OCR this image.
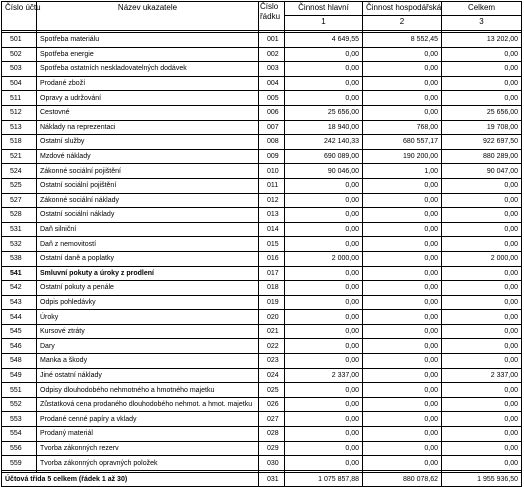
Číslo účtu	Název ukazatele	Číslo řádku	Činnost hlavní	Činnost hospodářská	Celkem
			1	2	3

501	Spotřeba materiálu	001	4 649,55	8 552,45	13 202,00
502	Spotřeba energie	002	0,00	0,00	0,00
503	Spotřeba ostatních neskladovatelných dodávek	003	0,00	0,00	0,00
504	Prodané zboží	004	0,00	0,00	0,00
511	Opravy a udržování	005	0,00	0,00	0,00
512	Cestovné	006	25 656,00	0,00	25 656,00
513	Náklady na reprezentaci	007	18 940,00	768,00	19 708,00
518	Ostatní služby	008	242 140,33	680 557,17	922 697,50
521	Mzdové náklady	009	690 089,00	190 200,00	880 289,00
524	Zákonné sociální pojištění	010	90 046,00	1,00	90 047,00
525	Ostatní sociální pojištění	011	0,00	0,00	0,00
527	Zákonné sociální náklady	012	0,00	0,00	0,00
528	Ostatní sociální náklady	013	0,00	0,00	0,00
531	Daň silniční	014	0,00	0,00	0,00
532	Daň z nemovitostí	015	0,00	0,00	0,00
538	Ostatní daně a poplatky	016	2 000,00	0,00	2 000,00
541	Smluvní pokuty a úroky z prodlení	017	0,00	0,00	0,00
542	Ostatní pokuty a penále	018	0,00	0,00	0,00
543	Odpis pohledávky	019	0,00	0,00	0,00
544	Úroky	020	0,00	0,00	0,00
545	Kursové ztráty	021	0,00	0,00	0,00
546	Dary	022	0,00	0,00	0,00
548	Manka a škody	023	0,00	0,00	0,00
549	Jiné ostatní náklady	024	2 337,00	0,00	2 337,00
551	Odpisy dlouhodobého nehmotného a hmotného majetku	025	0,00	0,00	0,00
552	Zůstatková cena prodaného dlouhodobého nehmot. a hmot. majetku	026	0,00	0,00	0,00
553	Prodané cenné papíry a vklady	027	0,00	0,00	0,00
554	Prodaný materiál	028	0,00	0,00	0,00
556	Tvorba zákonných rezerv	029	0,00	0,00	0,00
559	Tvorba zákonných opravných položek	030	0,00	0,00	0,00

Účtová třída 5 celkem (řádek 1 až 30)		031	1 075 857,88	880 078,62	1 955 936,50
